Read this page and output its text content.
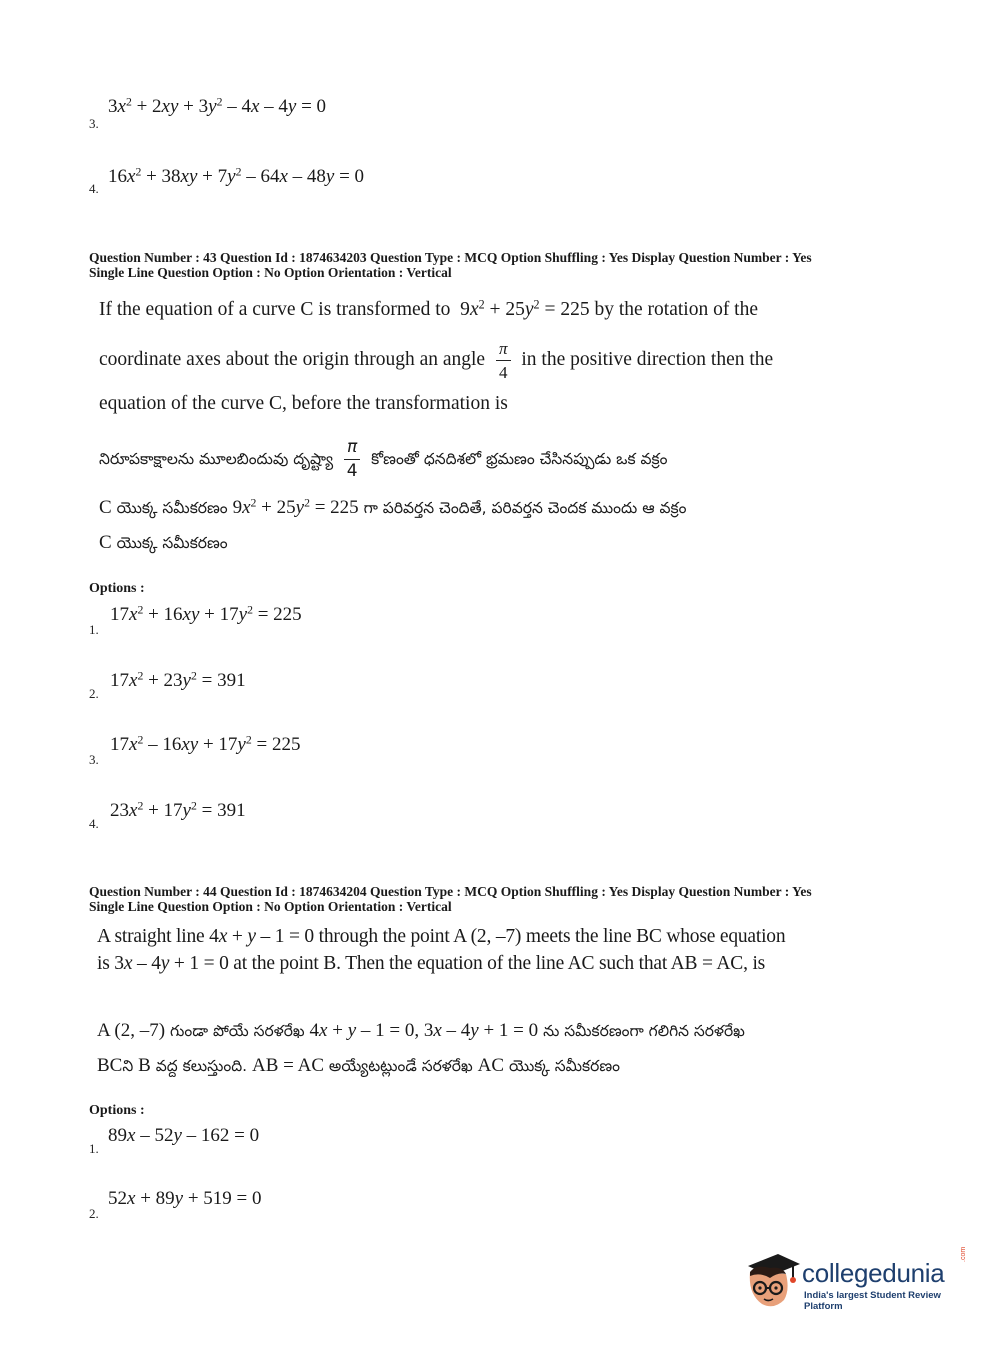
3.
$3x^2 + 2xy + 3y^2 - 4x - 4y = 0$
4.
$16x^2 + 38xy + 7y^2 - 64x - 48y = 0$
Question Number : 43 Question Id : 1874634203 Question Type : MCQ Option Shuffling : Yes Display Question Number : Yes
Single Line Question Option : No Option Orientation : Vertical
If the equation of a curve C is transformed to  $9x^2 + 25y^2 = 225$ by the rotation of the
coordinate axes about the origin through an angle $\frac{\pi}{4}$ in the positive direction then the
equation of the curve C, before the transformation is
నిరూపకాక్షాలను మూలబిందువు దృష్ట్యా $\frac{\pi}{4}$ కోణంతో ధనదిశలో భ్రమణం చేసినప్పుడు ఒక వక్రం
C యొక్క సమీకరణం $9x^2 + 25y^2 = 225$ గా పరివర్తన చెందితే, పరివర్తన చెందక ముందు ఆ వక్రం
C యొక్క సమీకరణం
Options :
1.
$17x^2 + 16xy + 17y^2 = 225$
2.
$17x^2 + 23y^2 = 391$
3.
$17x^2 - 16xy + 17y^2 = 225$
4.
$23x^2 + 17y^2 = 391$
Question Number : 44 Question Id : 1874634204 Question Type : MCQ Option Shuffling : Yes Display Question Number : Yes
Single Line Question Option : No Option Orientation : Vertical
A straight line 4x + y – 1 = 0 through the point A (2, –7) meets the line BC whose equation
is 3x – 4y + 1 = 0 at the point B. Then the equation of the line AC such that AB = AC, is
A (2, –7) గుండా పోయే సరళరేఖ 4x + y – 1 = 0, 3x – 4y + 1 = 0 ను సమీకరణంగా గలిగిన సరళరేఖ
BCని B వద్ద కలుస్తుంది. AB = AC అయ్యేటట్లుండే సరళరేఖ AC యొక్క సమీకరణం
Options :
1.
89x – 52y – 162 = 0
2.
52x + 89y + 519 = 0
collegedunia
.com
India's largest Student Review Platform
